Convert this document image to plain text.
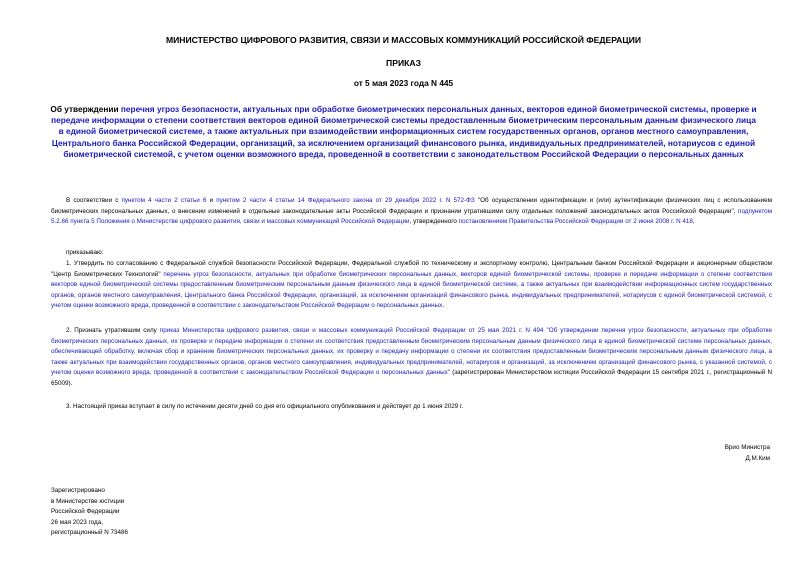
МИНИСТЕРСТВО ЦИФРОВОГО РАЗВИТИЯ, СВЯЗИ И МАССОВЫХ КОММУНИКАЦИЙ РОССИЙСКОЙ ФЕДЕРАЦИИ
ПРИКАЗ
от 5 мая 2023 года N 445
Об утверждении перечня угроз безопасности, актуальных при обработке биометрических персональных данных, векторов единой биометрической системы, проверке и передаче информации о степени соответствия векторов единой биометрической системы предоставленным биометрическим персональным данным физического лица в единой биометрической системе, а также актуальных при взаимодействии информационных систем государственных органов, органов местного самоуправления, Центрального банка Российской Федерации, организаций, за исключением организаций финансового рынка, индивидуальных предпринимателей, нотариусов с единой биометрической системой, с учетом оценки возможного вреда, проведенной в соответствии с законодательством Российской Федерации о персональных данных
В соответствии с пунктом 4 части 2 статьи 6 и пунктом 2 части 4 статьи 14 Федерального закона от 29 декабря 2022 г. N 572-ФЗ "Об осуществлении идентификации и (или) аутентификации физических лиц с использованием биометрических персональных данных, о внесении изменений в отдельные законодательные акты Российской Федерации и признании утратившими силу отдельных положений законодательных актов Российской Федерации", подпунктом 5.2.66 пункта 5 Положения о Министерстве цифрового развития, связи и массовых коммуникаций Российской Федерации, утвержденного постановлением Правительства Российской Федерации от 2 июня 2008 г. N 418,
приказываю:
1. Утвердить по согласованию с Федеральной службой безопасности Российской Федерации, Федеральной службой по техническому и экспортному контролю, Центральным банком Российской Федерации и акционерным обществом "Центр Биометрических Технологий" перечень угроз безопасности, актуальных при обработке биометрических персональных данных, векторов единой биометрической системы, проверке и передаче информации о степени соответствия векторов единой биометрической системы предоставленным биометрическим персональным данным физического лица в единой биометрической системе, а также актуальных при взаимодействии информационных систем государственных органов, органов местного самоуправления, Центрального банка Российской Федерации, организаций, за исключением организаций финансового рынка, индивидуальных предпринимателей, нотариусов с единой биометрической системой, с учетом оценки возможного вреда, проведенной в соответствии с законодательством Российской Федерации о персональных данных.
2. Признать утратившим силу приказ Министерства цифрового развития, связи и массовых коммуникаций Российской Федерации от 25 мая 2021 г. N 494 "Об утверждении перечня угроз безопасности, актуальных при обработке биометрических персональных данных, их проверке и передаче информации о степени их соответствия предоставленным биометрическим персональным данным физического лица в единой биометрической системе персональных данных, обеспечивающей обработку, включая сбор и хранение биометрических персональных данных, их проверку и передачу информации о степени их соответствия предоставленным биометрическим персональным данным физического лица, а также актуальных при взаимодействии государственных органов, органов местного самоуправления, индивидуальных предпринимателей, нотариусов и организаций, за исключением организаций финансового рынка, с указанной системой, с учетом оценки возможного вреда, проведенной в соответствии с законодательством Российской Федерации о персональных данных" (зарегистрирован Министерством юстиции Российской Федерации 15 сентября 2021 г., регистрационный N 65009).
3. Настоящий приказ вступает в силу по истечении десяти дней со дня его официального опубликования и действует до 1 июня 2029 г.
Врио Министра
Д.М.Ким
Зарегистрировано
в Министерстве юстиции
Российской Федерации
26 мая 2023 года,
регистрационный N 73486
